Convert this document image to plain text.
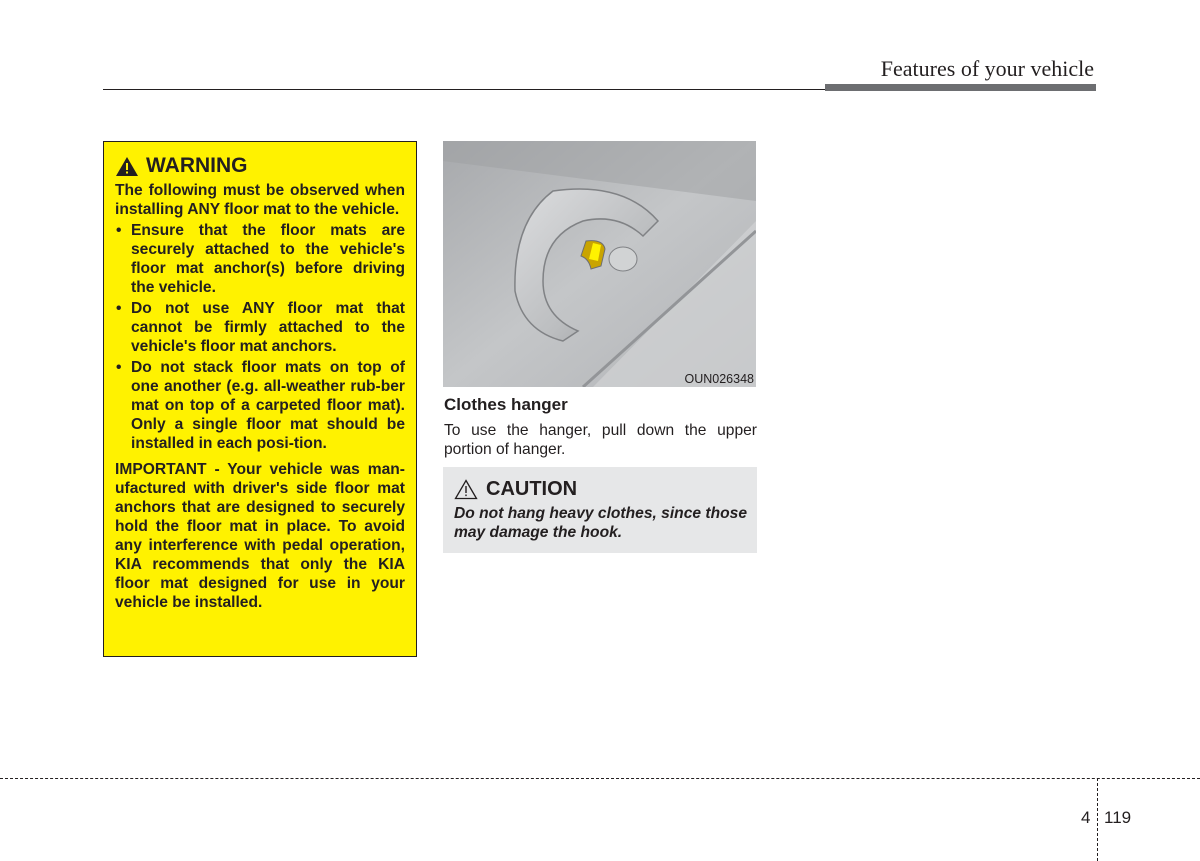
Features of your vehicle
WARNING
The following must be observed when installing ANY floor mat to the vehicle.
• Ensure that the floor mats are securely attached to the vehicle's floor mat anchor(s) before driving the vehicle.
• Do not use ANY floor mat that cannot be firmly attached to the vehicle's floor mat anchors.
• Do not stack floor mats on top of one another (e.g. all-weather rub-ber mat on top of a carpeted floor mat). Only a single floor mat should be installed in each posi-tion.
IMPORTANT - Your vehicle was man-ufactured with driver's side floor mat anchors that are designed to securely hold the floor mat in place. To avoid any interference with pedal operation, KIA recommends that only the KIA floor mat designed for use in your vehicle be installed.
OUN026348
Clothes hanger
To use the hanger, pull down the upper portion of hanger.
CAUTION
Do not hang heavy clothes, since those may damage the hook.
4 119
